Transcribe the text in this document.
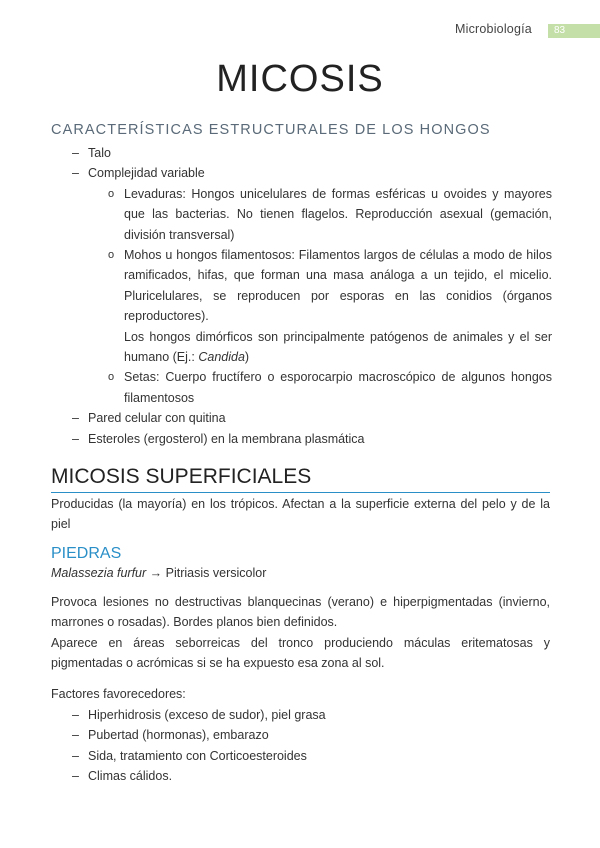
Microbiología	83
MICOSIS
CARACTERÍSTICAS ESTRUCTURALES DE LOS HONGOS
– Talo
– Complejidad variable
o Levaduras: Hongos unicelulares de formas esféricas u ovoides y mayores que las bacterias. No tienen flagelos. Reproducción asexual (gemación, división transversal)
o Mohos u hongos filamentosos: Filamentos largos de células a modo de hilos ramificados, hifas, que forman una masa análoga a un tejido, el micelio. Pluricelulares, se reproducen por esporas en las conidios (órganos reproductores).
Los hongos dimórficos son principalmente patógenos de animales y el ser humano (Ej.: Candida)
o Setas: Cuerpo fructífero o esporocarpio macroscópico de algunos hongos filamentosos
– Pared celular con quitina
– Esteroles (ergosterol) en la membrana plasmática
MICOSIS SUPERFICIALES

Producidas (la mayoría) en los trópicos. Afectan a la superficie externa del pelo y de la piel

PIEDRAS

Malassezia furfur → Pitriasis versicolor

Provoca lesiones no destructivas blanquecinas (verano) e hiperpigmentadas (invierno, marrones o rosadas). Bordes planos bien definidos.
Aparece en áreas seborreicas del tronco produciendo máculas eritematosas y pigmentadas o acrómicas si se ha expuesto esa zona al sol.

Factores favorecedores:

– Hiperhidrosis (exceso de sudor), piel grasa
– Pubertad (hormonas), embarazo
– Sida, tratamiento con Corticoesteroides
– Climas cálidos.
